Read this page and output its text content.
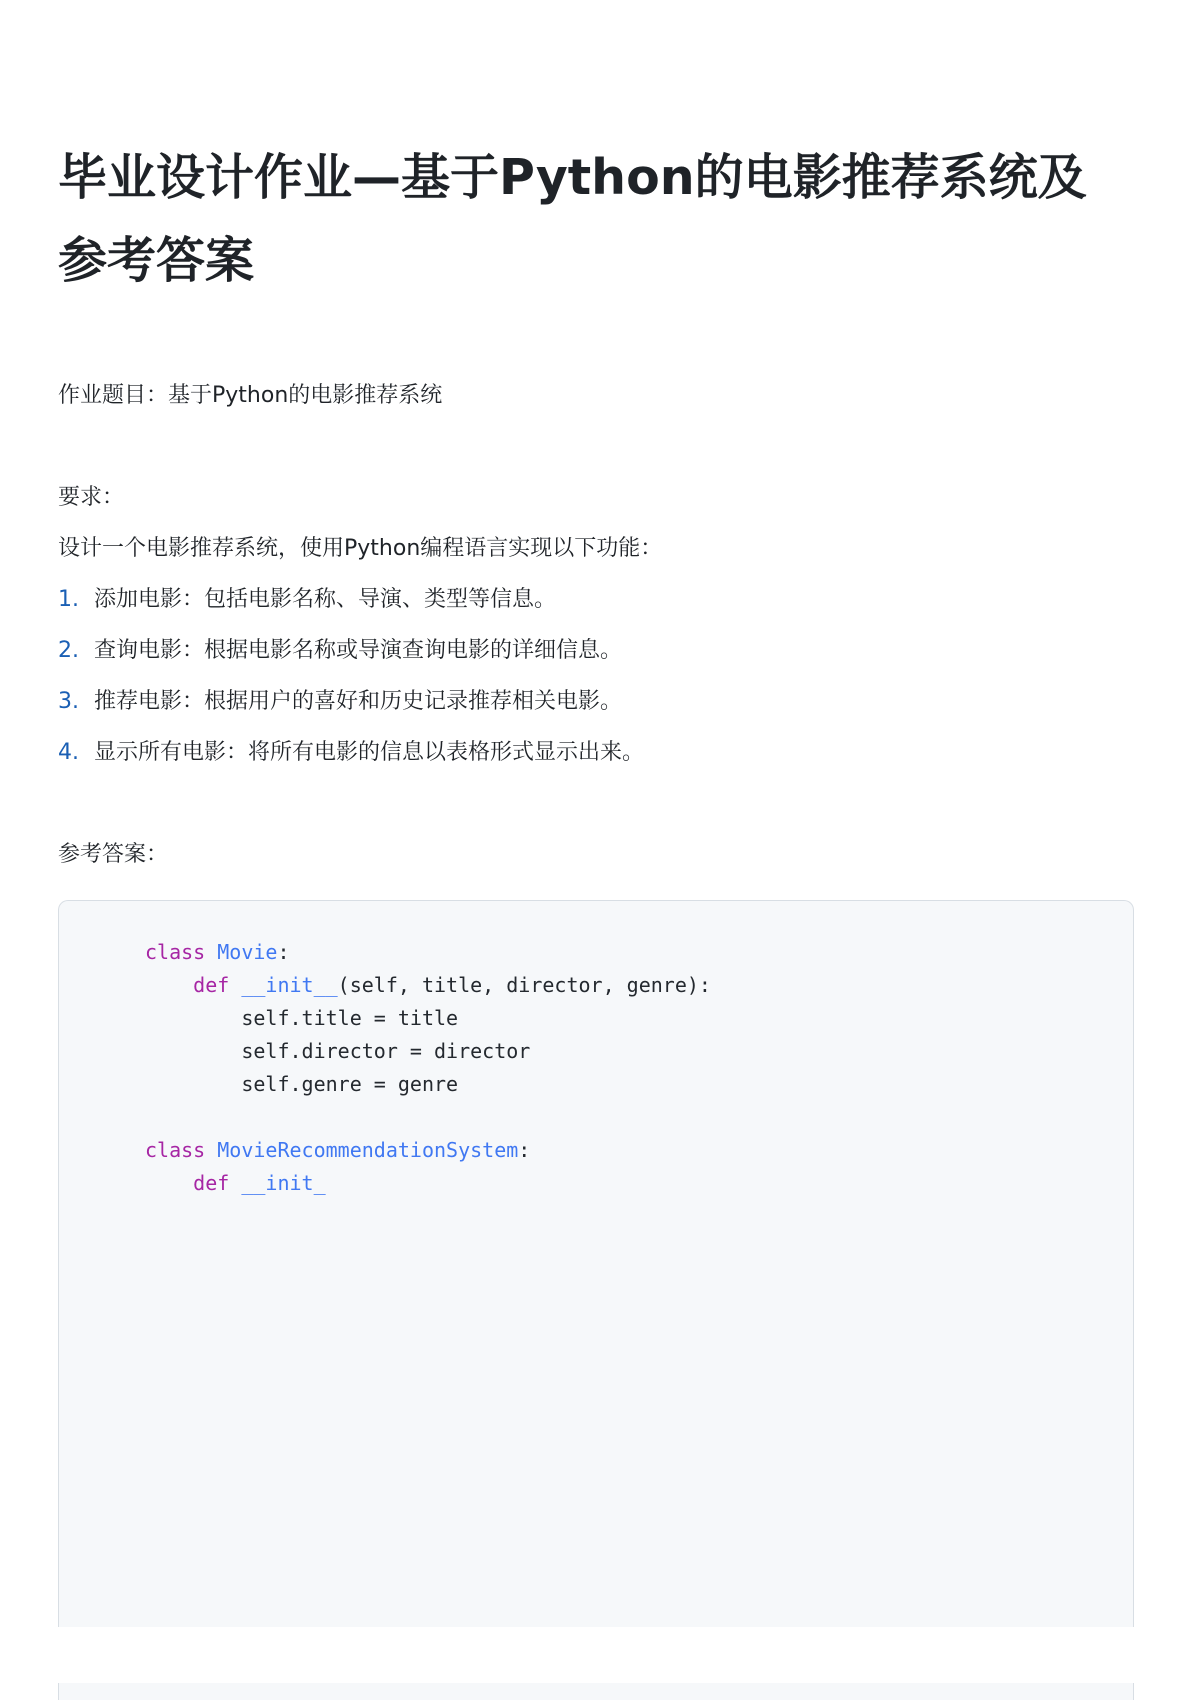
毕业设计作业—基于Python的电影推荐系统及参考答案

作业题目：基于Python的电影推荐系统

要求：

设计一个电影推荐系统，使用Python编程语言实现以下功能：

1. 添加电影：包括电影名称、导演、类型等信息。
2. 查询电影：根据电影名称或导演查询电影的详细信息。
3. 推荐电影：根据用户的喜好和历史记录推荐相关电影。
4. 显示所有电影：将所有电影的信息以表格形式显示出来。

参考答案：

class Movie:
def __init__(self, title, director, genre):
self.title = title
self.director = director
self.genre = genre
class MovieRecommendationSystem:
def __init_
